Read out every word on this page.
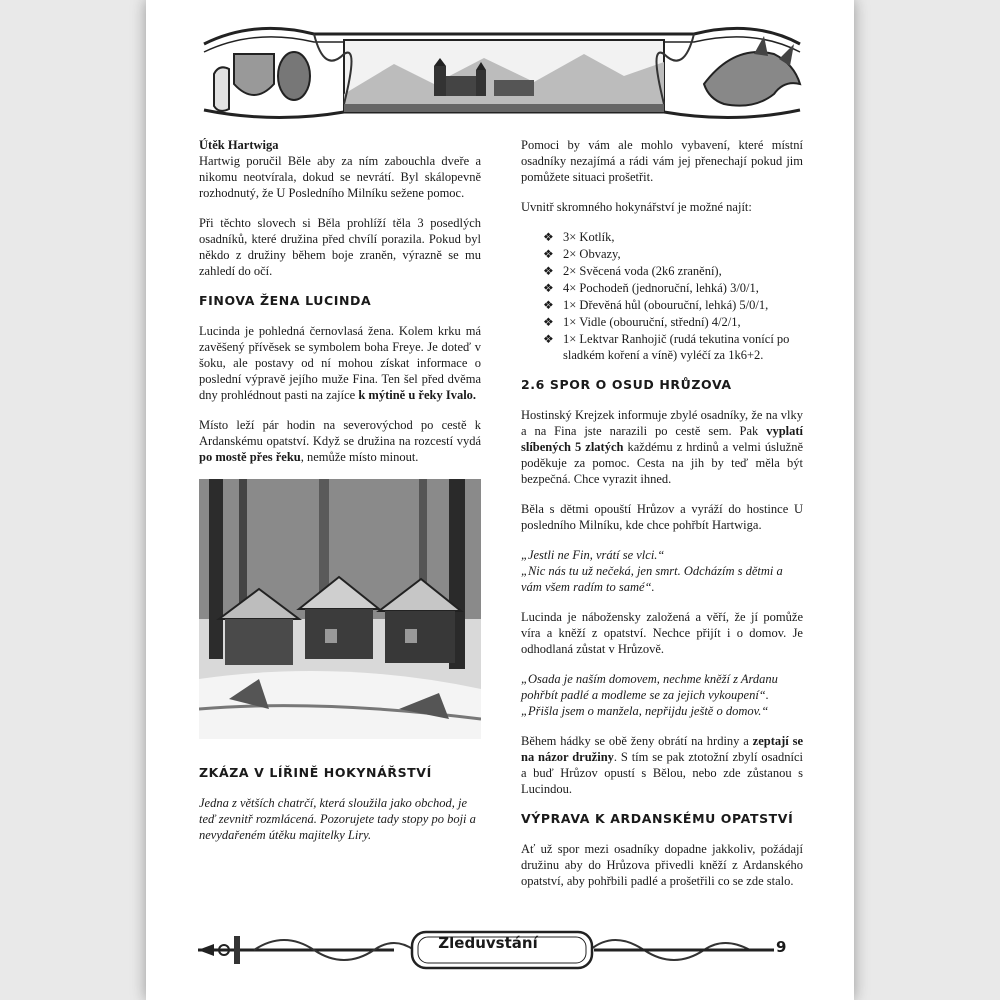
Útěk Hartwiga

Hartwig poručil Běle aby za ním zabouchla dveře a nikomu neotvírala, dokud se nevrátí. Byl skálopevně rozhodnutý, že U Posledního Milníku sežene pomoc.

Při těchto slovech si Běla prohlíží těla 3 posedlých osadníků, které družina před chvílí porazila. Pokud byl někdo z družiny během boje zraněn, výrazně se mu zahledí do očí.

FINOVA ŽENA LUCINDA

Lucinda je pohledná černovlasá žena. Kolem krku má zavěšený přívěsek se symbolem boha Freye. Je doteď v šoku, ale postavy od ní mohou získat informace o poslední výpravě jejího muže Fina. Ten šel před dvěma dny prohlédnout pasti na zajíce k mýtině u řeky Ivalo.

Místo leží pár hodin na severovýchod po cestě k Ardanskému opatství. Když se družina na rozcestí vydá po mostě přes řeku, nemůže místo minout.

ZKÁZA V LÍŘINĚ HOKYNÁŘSTVÍ

Jedna z větších chatrčí, která sloužila jako obchod, je teď zevnitř rozmlácená. Pozorujete tady stopy po boji a nevydařeném útěku majitelky Liry.

Pomoci by vám ale mohlo vybavení, které místní osadníky nezajímá a rádi vám jej přenechají pokud jim pomůžete situaci prošetřit.

Uvnitř skromného hokynářství je možné najít:

❖ 3× Kotlík,
❖ 2× Obvazy,
❖ 2× Svěcená voda (2k6 zranění),
❖ 4× Pochodeň (jednoruční, lehká) 3/0/1,
❖ 1× Dřevěná hůl (obouruční, lehká) 5/0/1,
❖ 1× Vidle (obouruční, střední) 4/2/1,
❖ 1× Lektvar Ranhojič (rudá tekutina vonící po sladkém koření a víně) vyléčí za 1k6+2.
2.6 SPOR O OSUD HRŮZOVA

Hostinský Krejzek informuje zbylé osadníky, že na vlky a na Fina jste narazili po cestě sem. Pak vyplatí slíbených 5 zlatých každému z hrdinů a velmi úslužně poděkuje za pomoc. Cesta na jih by teď měla být bezpečná. Chce vyrazit ihned.

Běla s dětmi opouští Hrůzov a vyráží do hostince U posledního Milníku, kde chce pohřbít Hartwiga.

„Jestli ne Fin, vrátí se vlci.“
„Nic nás tu už nečeká, jen smrt. Odcházím s dětmi a vám všem radím to samé“.

Lucinda je nábožensky založená a věří, že jí pomůže víra a kněží z opatství. Nechce přijít i o domov. Je odhodlaná zůstat v Hrůzově.

„Osada je naším domovem, nechme kněží z Ardanu pohřbít padlé a modleme se za jejich vykoupení“.
„Přišla jsem o manžela, nepřijdu ještě o domov.“

Během hádky se obě ženy obrátí na hrdiny a zeptají se na názor družiny. S tím se pak ztotožní zbylí osadníci a buď Hrůzov opustí s Bělou, nebo zde zůstanou s Lucindou.

VÝPRAVA K ARDANSKÉMU OPATSTVÍ

Ať už spor mezi osadníky dopadne jakkoliv, požádají družinu aby do Hrůzova přivedli kněží z Ardanského opatství, aby pohřbili padlé a prošetřili co se zde stalo.

Zleduvstání	9
